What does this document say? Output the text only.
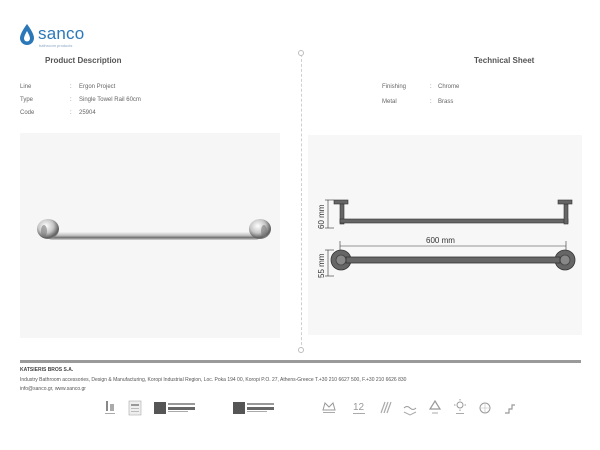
sanco
bathroom products
Product Description	Technical Sheet
Line	: Ergon Project
Type	: Single Towel Rail 60cm
Code	: 25904
Finishing	: Chrome
Metal	: Brass
60 mm
600 mm
55 mm
KATSIERIS BROS S.A.
Industry Bathroom accessories, Design & Manufacturing, Koropi Industrial Region, Loc. Poka 194 00, Koropi P.O. 27, Athens-Greece T.+30 210 6627 500, F.+30 210 6626 830
info@sanco.gr, www.sanco.gr
12
